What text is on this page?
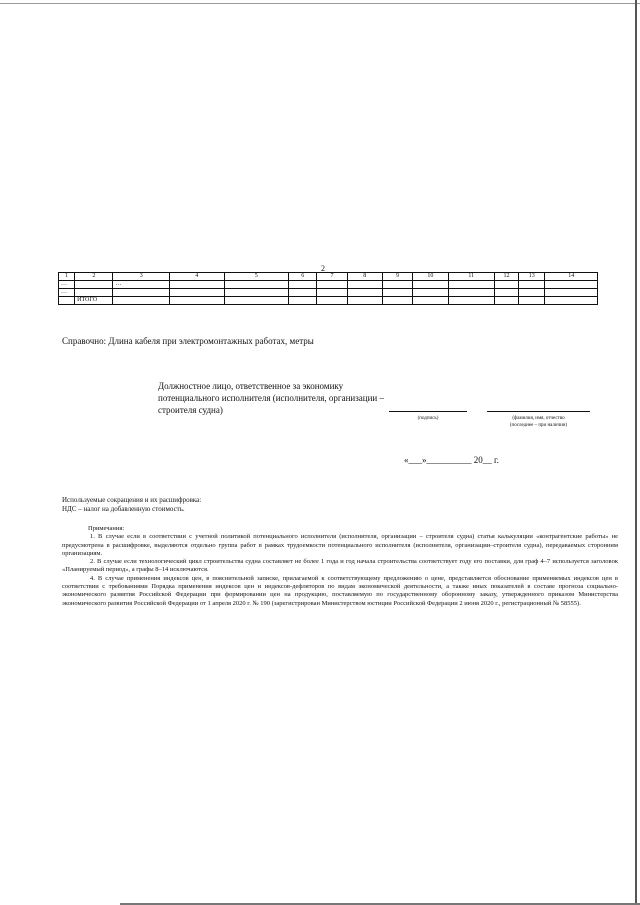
2
1	2	3	4	5	6	7	8	9	10	11	12	13	14
…		…											
…													
	ИТОГО												
Справочно: Длина кабеля при электромонтажных работах, метры
Должностное лицо, ответственное за экономику потенциального исполнителя (исполнителя, организации – строителя судна)
(подпись)	(фамилия, имя, отчество
(последнее – при наличии)
«___»__________ 20__ г.
Используемые сокращения и их расшифровка:
НДС – налог на добавленную стоимость.

Примечания:

1. В случае если в соответствии с учетной политикой потенциального исполнителя (исполнителя, организации – строителя судна) статья калькуляции «контрагентские работы» не предусмотрена в расшифровке, выделяются отдельно группа работ в рамках трудоемкости потенциального исполнителя (исполнителя, организации–строителя судна), передаваемых сторонним организациям.

2. В случае если технологический цикл строительства судна составляет не более 1 года и год начала строительства соответствует году его поставки, для граф 4–7 используется заголовок «Планируемый период», а графы 8–14 исключаются.

4. В случае применения индексов цен, в пояснительной записке, прилагаемой к соответствующему предложению о цене, представляется обоснование применяемых индексов цен в соответствии с требованиями Порядка применения индексов цен и индексов-дефляторов по видам экономической деятельности, а также иных показателей в составе прогноза социально-экономического развития Российской Федерации при формировании цен на продукцию, поставляемую по государственному оборонному заказу, утвержденного приказом Министерства экономического развития Российской Федерации от 1 апреля 2020 г. № 190 (зарегистрирован Министерством юстиции Российской Федерации 2 июня 2020 г., регистрационный № 58555).
